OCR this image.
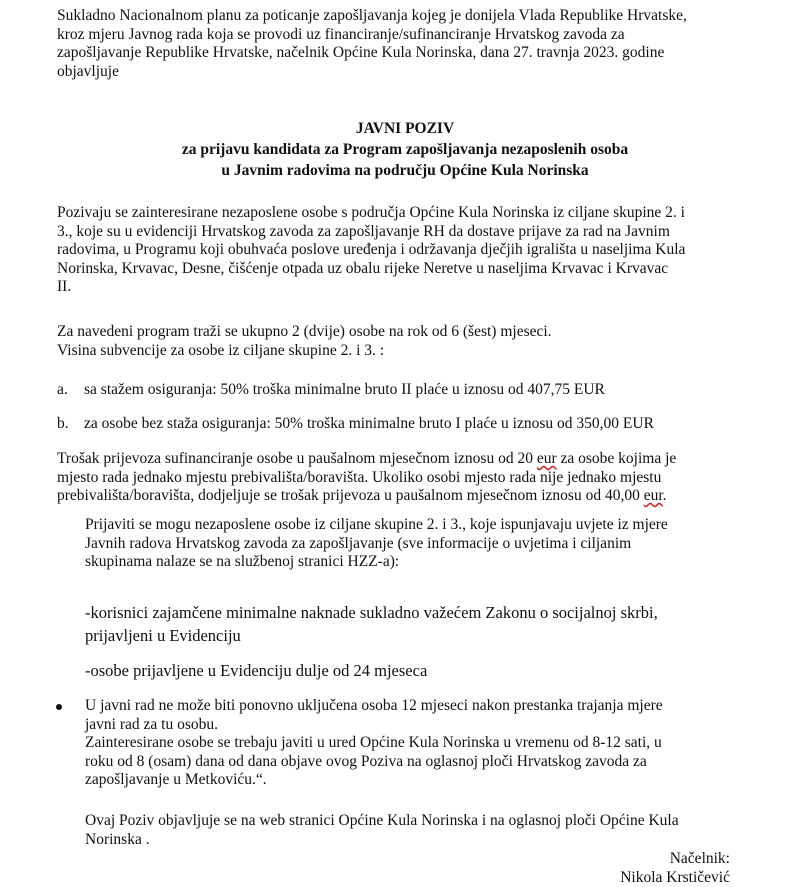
Sukladno Nacionalnom planu za poticanje zapošljavanja kojeg je donijela Vlada Republike Hrvatske,
kroz mjeru Javnog rada koja se provodi uz financiranje/sufinanciranje Hrvatskog zavoda za
zapošljavanje Republike Hrvatske, načelnik Općine Kula Norinska, dana 27. travnja 2023. godine
objavljuje
JAVNI POZIV
za prijavu kandidata za Program zapošljavanja nezaposlenih osoba
u Javnim radovima na području Općine Kula Norinska
Pozivaju se zainteresirane nezaposlene osobe s područja Općine Kula Norinska iz ciljane skupine 2. i
3., koje su u evidenciji Hrvatskog zavoda za zapošljavanje RH da dostave prijave za rad na Javnim
radovima, u Programu koji obuhvaća poslove uređenja i održavanja dječjih igrališta u naseljima Kula
Norinska, Krvavac, Desne, čišćenje otpada uz obalu rijeke Neretve u naseljima Krvavac i Krvavac
II.
Za navedeni program traži se ukupno 2 (dvije) osobe na rok od 6 (šest) mjeseci.
Visina subvencije za osobe iz ciljane skupine 2. i 3. :
a. sa stažem osiguranja: 50% troška minimalne bruto II plaće u iznosu od 407,75 EUR
b. za osobe bez staža osiguranja: 50% troška minimalne bruto I plaće u iznosu od 350,00 EUR
Trošak prijevoza sufinanciranje osobe u paušalnom mjesečnom iznosu od 20 eur za osobe kojima je
mjesto rada jednako mjestu prebivališta/boravišta. Ukoliko osobi mjesto rada nije jednako mjestu
prebivališta/boravišta, dodjeljuje se trošak prijevoza u paušalnom mjesečnom iznosu od 40,00 eur.
Prijaviti se mogu nezaposlene osobe iz ciljane skupine 2. i 3., koje ispunjavaju uvjete iz mjere
Javnih radova Hrvatskog zavoda za zapošljavanje (sve informacije o uvjetima i ciljanim
skupinama nalaze se na službenoj stranici HZZ-a):
-korisnici zajamčene minimalne naknade sukladno važećem Zakonu o socijalnoj skrbi,
prijavljeni u Evidenciju
-osobe prijavljene u Evidenciju dulje od 24 mjeseca
U javni rad ne može biti ponovno uključena osoba 12 mjeseci nakon prestanka trajanja mjere
javni rad za tu osobu.
Zainteresirane osobe se trebaju javiti u ured Općine Kula Norinska u vremenu od 8-12 sati, u
roku od 8 (osam) dana od dana objave ovog Poziva na oglasnoj ploči Hrvatskog zavoda za
zapošljavanje u Metkoviću.“.
Ovaj Poziv objavljuje se na web stranici Općine Kula Norinska i na oglasnoj ploči Općine Kula
Norinska .
Načelnik:
Nikola Krstičević
